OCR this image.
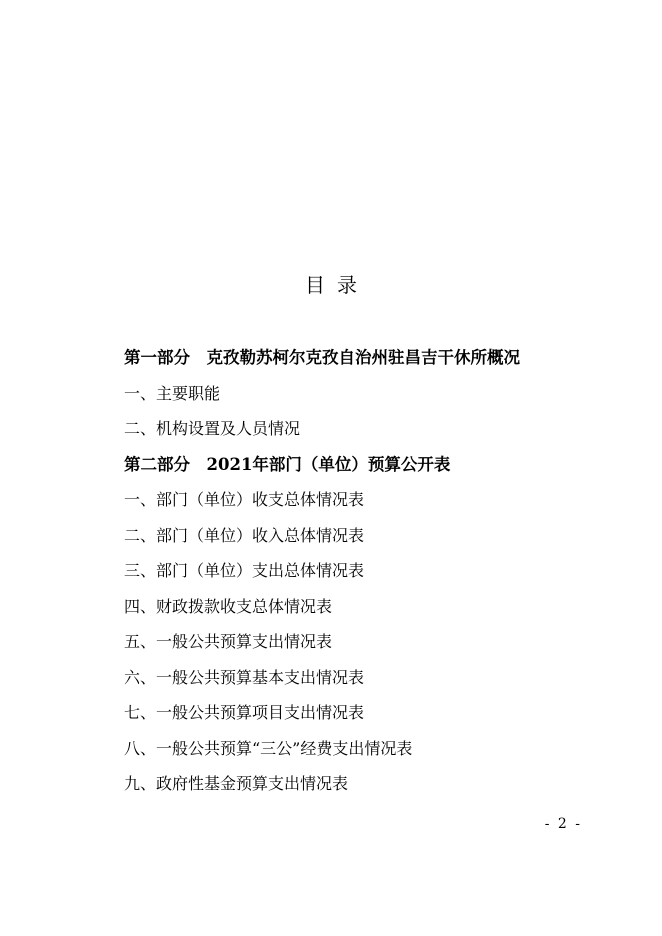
目录
第一部分　克孜勒苏柯尔克孜自治州驻昌吉干休所概况
一、主要职能
二、机构设置及人员情况
第二部分　2021年部门（单位）预算公开表
一、部门（单位）收支总体情况表
二、部门（单位）收入总体情况表
三、部门（单位）支出总体情况表
四、财政拨款收支总体情况表
五、一般公共预算支出情况表
六、一般公共预算基本支出情况表
七、一般公共预算项目支出情况表
八、一般公共预算“三公”经费支出情况表
九、政府性基金预算支出情况表
- 2 -
